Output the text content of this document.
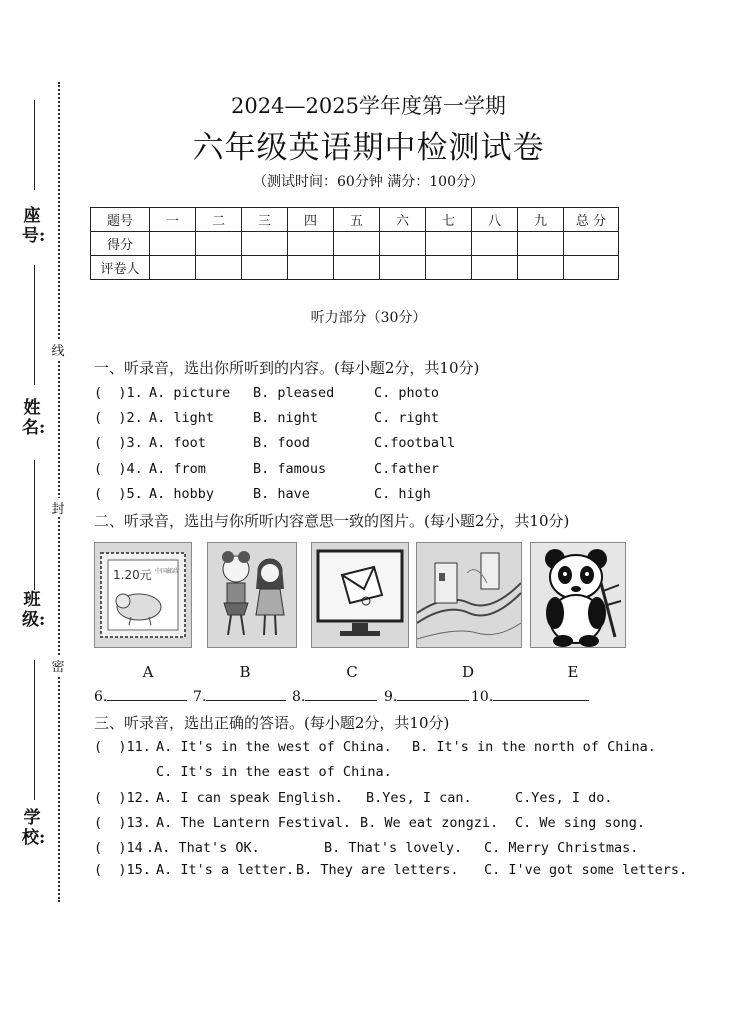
座号:
姓名:
班级:
学校:
线
封
密
2024—2025学年度第一学期
六年级英语期中检测试卷
（测试时间：60分钟 满分：100分）
题号	一	二	三	四	五	六	七	八	九	总 分
得分										
评卷人										
听力部分（30分）
一、听录音，选出你所听到的内容。(每小题2分，共10分)
(  )1. A. picture B. pleased	C. photo
(  )2. A. light	B. night	C. right
(  )3. A. foot	B. food	C.football
(  )4. A. from	B. famous	C.father
(  )5. A. hobby	B. have	C. high
二、听录音，选出与你所听内容意思一致的图片。(每小题2分，共10分)
1.20元 中国邮政
A	B	C	D	E
6.	7.	8.	9.	10.
三、听录音，选出正确的答语。(每小题2分，共10分)
(  )11. A. It's in the west of China. B. It's in the north of China.
C. It's in the east of China.
(  )12. A. I can speak English. B.Yes, I can.	C.Yes, I do.
(  )13. A. The Lantern Festival. B. We eat zongzi. C. We sing song.
(  )14 .A. That's OK.	B. That's lovely. C. Merry Christmas.
(  )15. A. It's a letter. B. They are letters. C. I've got some letters.
